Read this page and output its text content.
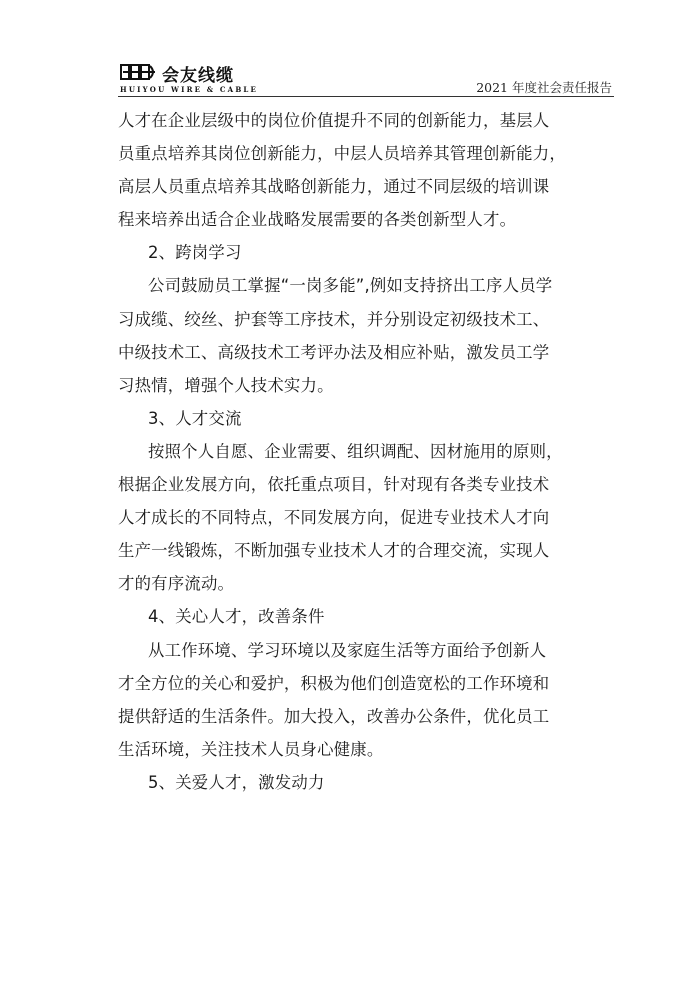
会友线缆
HUIYOU WIRE & CABLE	2021 年度社会责任报告
人才在企业层级中的岗位价值提升不同的创新能力，基层人
员重点培养其岗位创新能力，中层人员培养其管理创新能力，
高层人员重点培养其战略创新能力，通过不同层级的培训课
程来培养出适合企业战略发展需要的各类创新型人才。
2、跨岗学习
公司鼓励员工掌握“一岗多能”,例如支持挤出工序人员学
习成缆、绞丝、护套等工序技术，并分别设定初级技术工、
中级技术工、高级技术工考评办法及相应补贴，激发员工学
习热情，增强个人技术实力。
3、人才交流
按照个人自愿、企业需要、组织调配、因材施用的原则，
根据企业发展方向，依托重点项目，针对现有各类专业技术
人才成长的不同特点，不同发展方向，促进专业技术人才向
生产一线锻炼，不断加强专业技术人才的合理交流，实现人
才的有序流动。
4、关心人才，改善条件
从工作环境、学习环境以及家庭生活等方面给予创新人
才全方位的关心和爱护，积极为他们创造宽松的工作环境和
提供舒适的生活条件。加大投入，改善办公条件，优化员工
生活环境，关注技术人员身心健康。
5、关爱人才，激发动力
